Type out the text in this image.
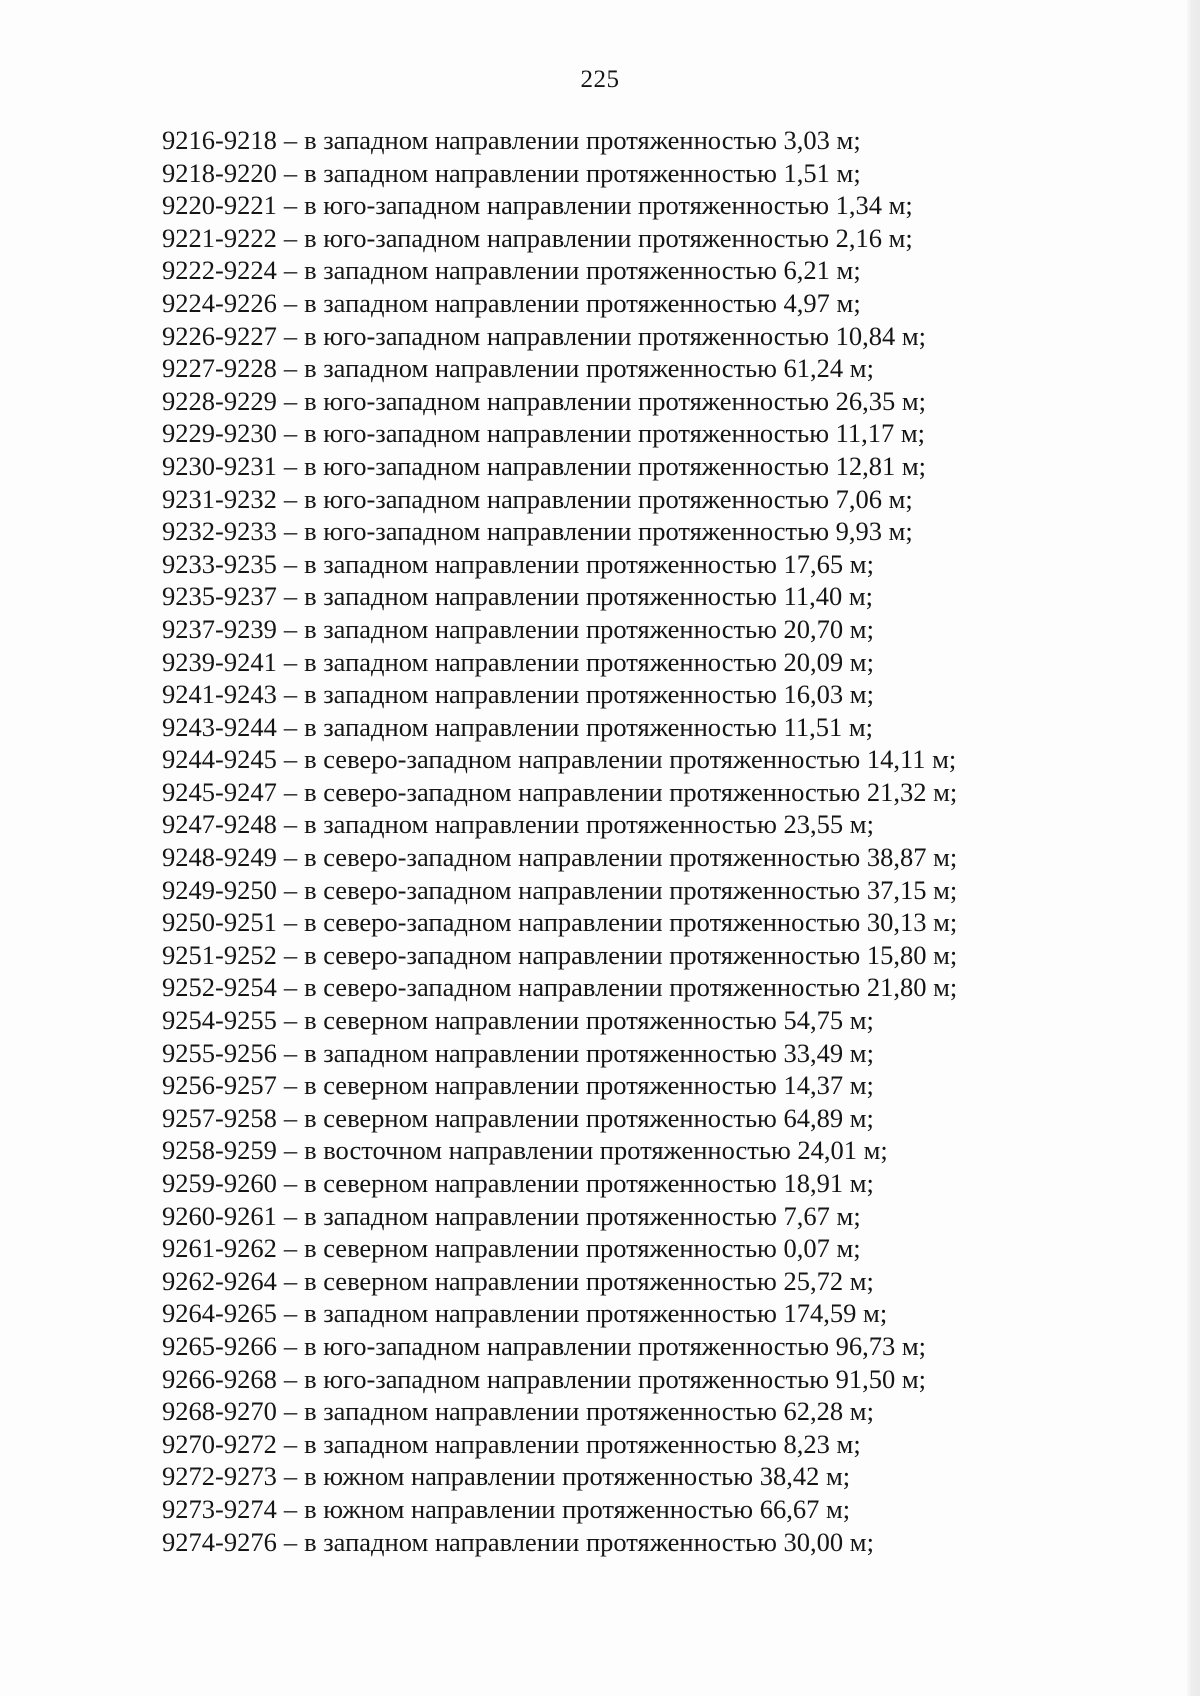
225
9216-9218 – в западном направлении протяженностью 3,03 м;
9218-9220 – в западном направлении протяженностью 1,51 м;
9220-9221 – в юго-западном направлении протяженностью 1,34 м;
9221-9222 – в юго-западном направлении протяженностью 2,16 м;
9222-9224 – в западном направлении протяженностью 6,21 м;
9224-9226 – в западном направлении протяженностью 4,97 м;
9226-9227 – в юго-западном направлении протяженностью 10,84 м;
9227-9228 – в западном направлении протяженностью 61,24 м;
9228-9229 – в юго-западном направлении протяженностью 26,35 м;
9229-9230 – в юго-западном направлении протяженностью 11,17 м;
9230-9231 – в юго-западном направлении протяженностью 12,81 м;
9231-9232 – в юго-западном направлении протяженностью 7,06 м;
9232-9233 – в юго-западном направлении протяженностью 9,93 м;
9233-9235 – в западном направлении протяженностью 17,65 м;
9235-9237 – в западном направлении протяженностью 11,40 м;
9237-9239 – в западном направлении протяженностью 20,70 м;
9239-9241 – в западном направлении протяженностью 20,09 м;
9241-9243 – в западном направлении протяженностью 16,03 м;
9243-9244 – в западном направлении протяженностью 11,51 м;
9244-9245 – в северо-западном направлении протяженностью 14,11 м;
9245-9247 – в северо-западном направлении протяженностью 21,32 м;
9247-9248 – в западном направлении протяженностью 23,55 м;
9248-9249 – в северо-западном направлении протяженностью 38,87 м;
9249-9250 – в северо-западном направлении протяженностью 37,15 м;
9250-9251 – в северо-западном направлении протяженностью 30,13 м;
9251-9252 – в северо-западном направлении протяженностью 15,80 м;
9252-9254 – в северо-западном направлении протяженностью 21,80 м;
9254-9255 – в северном направлении протяженностью 54,75 м;
9255-9256 – в западном направлении протяженностью 33,49 м;
9256-9257 – в северном направлении протяженностью 14,37 м;
9257-9258 – в северном направлении протяженностью 64,89 м;
9258-9259 – в восточном направлении протяженностью 24,01 м;
9259-9260 – в северном направлении протяженностью 18,91 м;
9260-9261 – в западном направлении протяженностью 7,67 м;
9261-9262 – в северном направлении протяженностью 0,07 м;
9262-9264 – в северном направлении протяженностью 25,72 м;
9264-9265 – в западном направлении протяженностью 174,59 м;
9265-9266 – в юго-западном направлении протяженностью 96,73 м;
9266-9268 – в юго-западном направлении протяженностью 91,50 м;
9268-9270 – в западном направлении протяженностью 62,28 м;
9270-9272 – в западном направлении протяженностью 8,23 м;
9272-9273 – в южном направлении протяженностью 38,42 м;
9273-9274 – в южном направлении протяженностью 66,67 м;
9274-9276 – в западном направлении протяженностью 30,00 м;
